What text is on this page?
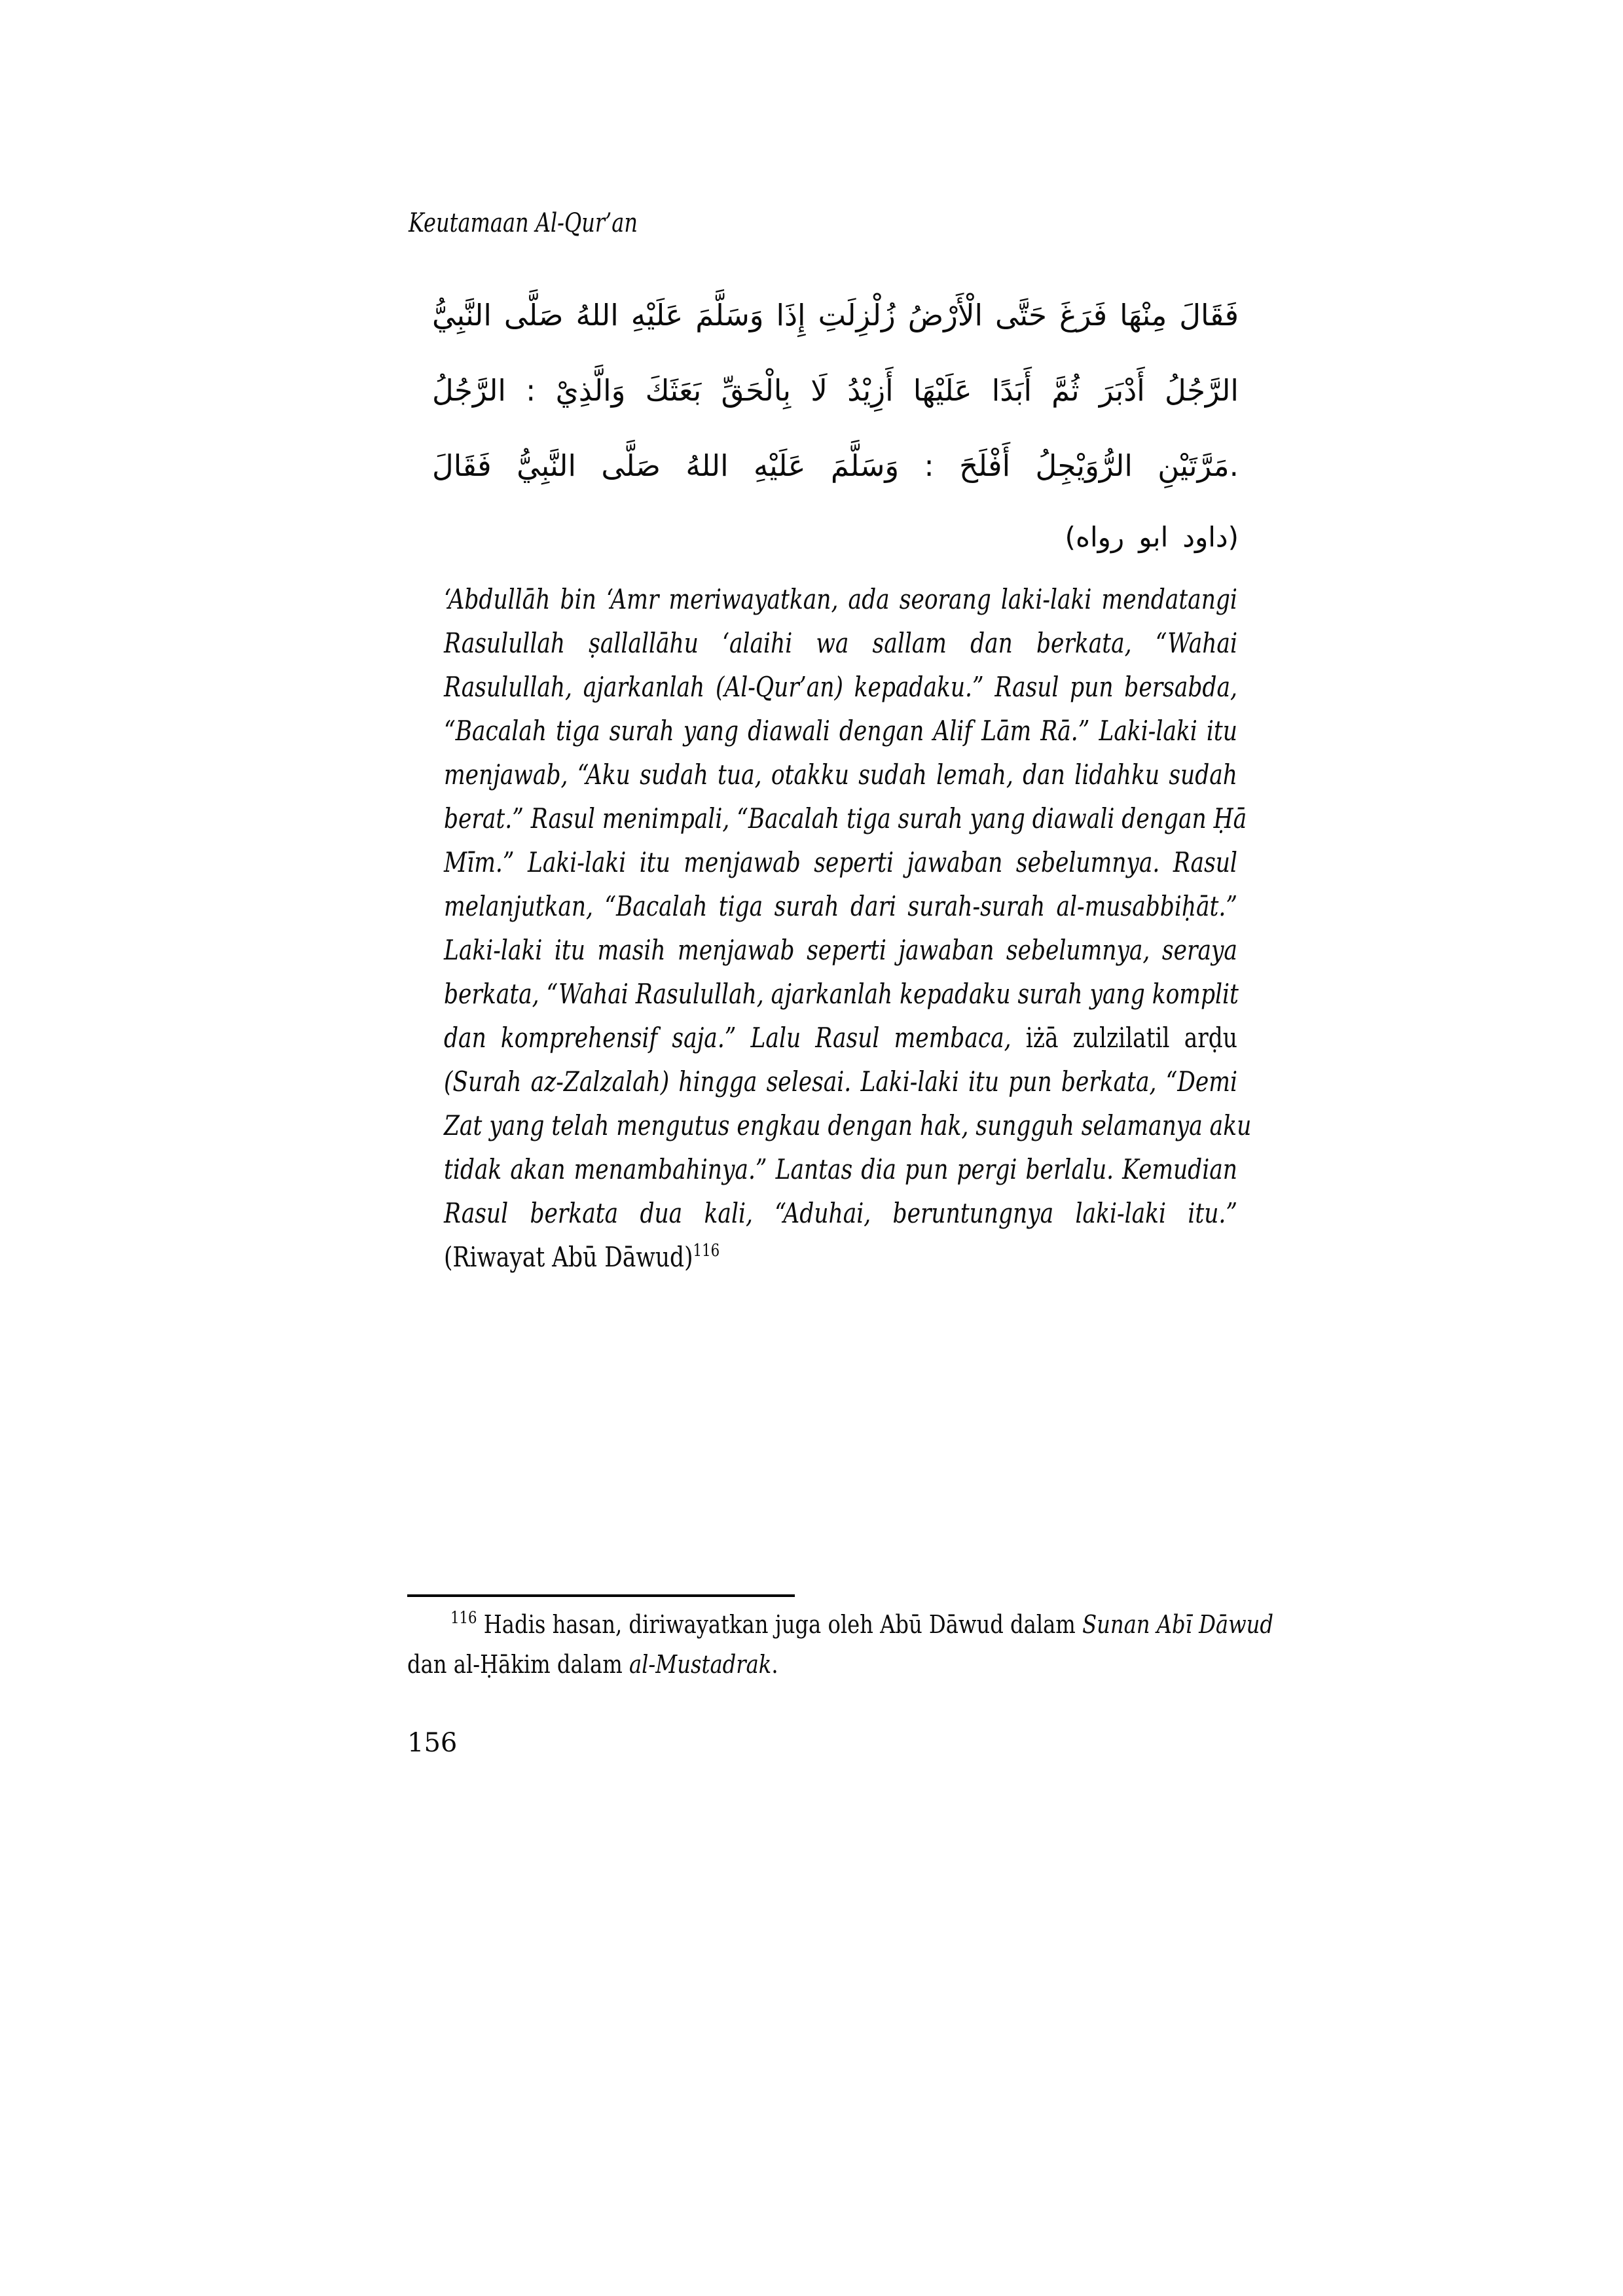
Keutamaan Al-Qur’an
النَّبِيُّ صَلَّى اللهُ عَلَيْهِ وَسَلَّمَ إِذَا زُلْزِلَتِ الْأَرْضُ حَتَّى فَرَغَ مِنْهَا فَقَالَ
الرَّجُلُ : وَالَّذِيْ بَعَثَكَ بِالْحَقِّ لَا أَزِيْدُ عَلَيْهَا أَبَدًا ثُمَّ أَدْبَرَ الرَّجُلُ
فَقَالَ النَّبِيُّ صَلَّى اللهُ عَلَيْهِ وَسَلَّمَ : أَفْلَحَ الرُّوَيْجِلُ مَرَّتَيْنِ.
(رواه ابو داود)
‘Abdullāh bin ‘Amr meriwayatkan, ada seorang laki-laki mendatangi
Rasulullah ṣallallāhu ‘alaihi wa sallam dan berkata, “Wahai
Rasulullah, ajarkanlah (Al-Qur’an) kepadaku.” Rasul pun bersabda,
“Bacalah tiga surah yang diawali dengan Alif Lām Rā.” Laki-laki itu
menjawab, “Aku sudah tua, otakku sudah lemah, dan lidahku sudah
berat.” Rasul menimpali, “Bacalah tiga surah yang diawali dengan Ḥā
Mīm.” Laki-laki itu menjawab seperti jawaban sebelumnya. Rasul
melanjutkan, “Bacalah tiga surah dari surah-surah al-musabbiḥāt.”
Laki-laki itu masih menjawab seperti jawaban sebelumnya, seraya
berkata, “Wahai Rasulullah, ajarkanlah kepadaku surah yang komplit
dan komprehensif saja.” Lalu Rasul membaca, iżā zulzilatil arḍu
(Surah az-Zalzalah) hingga selesai. Laki-laki itu pun berkata, “Demi
Zat yang telah mengutus engkau dengan hak, sungguh selamanya aku
tidak akan menambahinya.” Lantas dia pun pergi berlalu. Kemudian
Rasul berkata dua kali, “Aduhai, beruntungnya laki-laki itu.”
(Riwayat Abū Dāwud)$^{116}$
$^{116}$ Hadis hasan, diriwayatkan juga oleh Abū Dāwud dalam Sunan Abī Dāwud
dan al-Ḥākim dalam al-Mustadrak.
156
